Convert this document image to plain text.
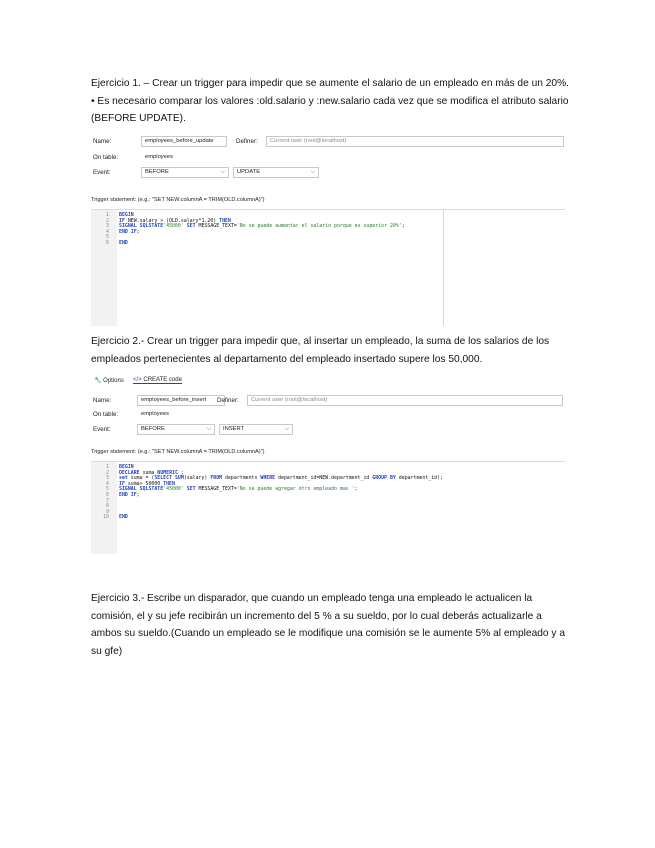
Ejercicio 1. – Crear un trigger para impedir que se aumente el salario de un empleado en más de un 20%. • Es necesario comparar los valores :old.salario y :new.salario cada vez que se modifica el atributo salario (BEFORE UPDATE).

Name:	employees_before_update	Definer:	Current user (root@localhost)
On table:	employees
Event:	BEFORE	⌵	UPDATE	⌵
Trigger statement: (e.g.: "SET NEW.columnA = TRIM(OLD.columnA)")
1	BEGIN
2	IF NEW.salary > (OLD.salary*1.20) THEN
3	SIGNAL SQLSTATE'45000' SET MESSAGE_TEXT='No se puede aumentar el salario porque es superior 20%';
4	END IF;
5
6	END

Ejercicio 2.- Crear un trigger para impedir que, al insertar un empleado, la suma de los salarios de los empleados pertenecientes al departamento del empleado insertado supere los 50,000.

🔧 Options </> CREATE code
Name:	employees_before_insert	Definer:	Current user (root@localhost)
On table:	employees
Event:	BEFORE	⌵	INSERT	⌵
Trigger statement: (e.g.: "SET NEW.columnA = TRIM(OLD.columnA)")
1	BEGIN
2	DECLARE suma NUMERIC ;
3	set suma = (SELECT SUM(salary) FROM departments WHERE department_id=NEW.department_id GROUP BY department_id);
4	IF suma> 50000 THEN
5	SIGNAL SQLSTATE'45000' SET MESSAGE_TEXT='No se puede agregar otro empleado mas ';
6	END IF;
7
8
9
10	END

Ejercicio 3.- Escribe un disparador, que cuando un empleado tenga una empleado le actualicen la comisión, el y su jefe recibirán un incremento del 5 % a su sueldo, por lo cual deberás actualizarle a ambos su sueldo.(Cuando un empleado se le modifique una comisión se le aumente 5% al empleado y a su gfe)
